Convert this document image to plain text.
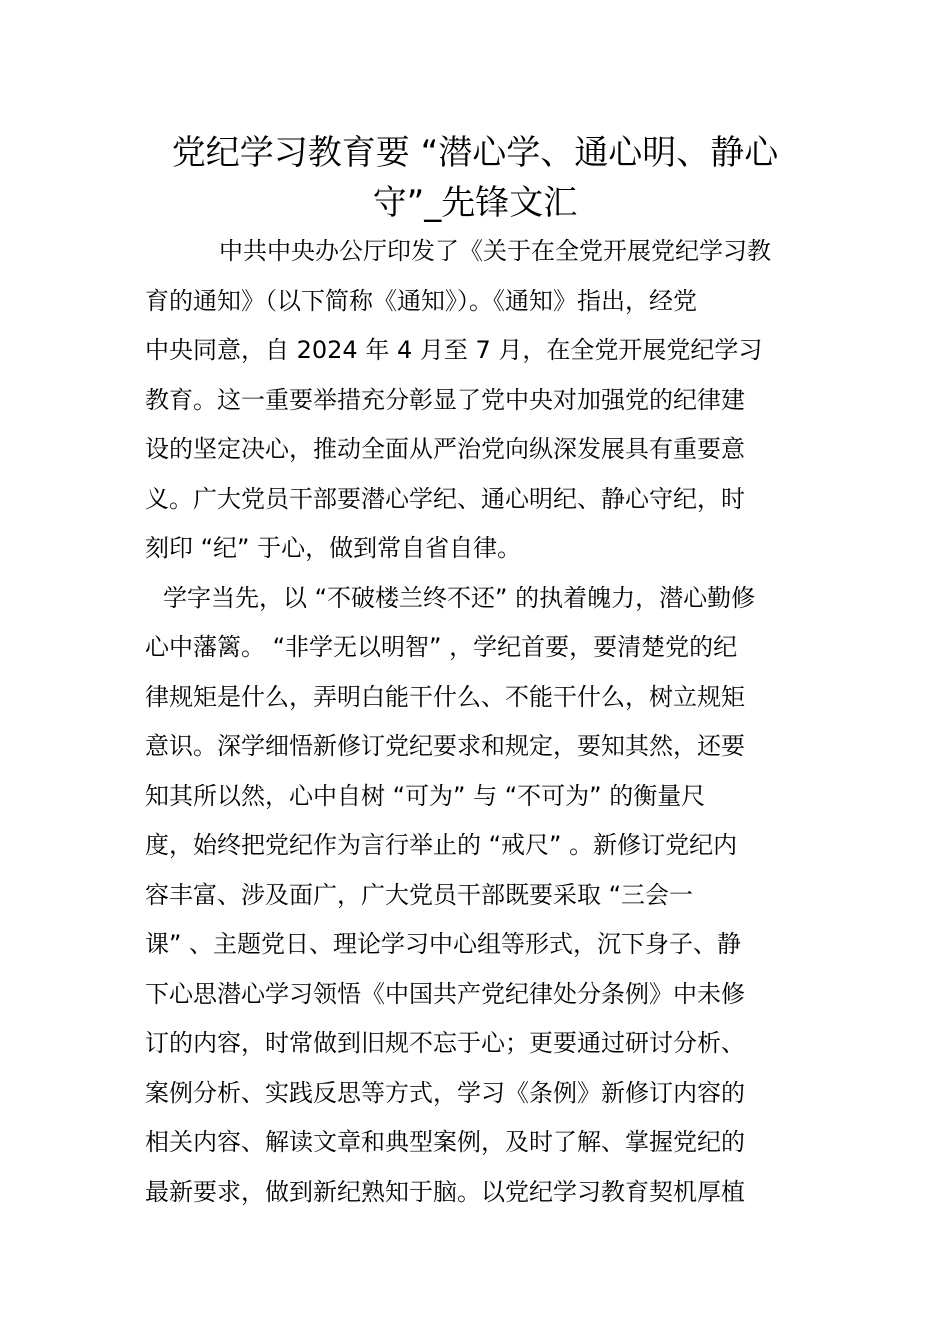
党纪学习教育要 “潜心学、通心明、静心
守”_先锋文汇
中共中央办公厅印发了《关于在全党开展党纪学习教
育的通知》（以下简称《通知》）。《通知》指出，经党
中央同意，自 2024 年 4 月至 7 月，在全党开展党纪学习
教育。这一重要举措充分彰显了党中央对加强党的纪律建
设的坚定决心，推动全面从严治党向纵深发展具有重要意
义。广大党员干部要潜心学纪、通心明纪、静心守纪，时
刻印 “纪” 于心，做到常自省自律。
学字当先，以 “不破楼兰终不还” 的执着魄力，潜心勤修
心中藩篱。 “非学无以明智” ，学纪首要，要清楚党的纪
律规矩是什么，弄明白能干什么、不能干什么，树立规矩
意识。深学细悟新修订党纪要求和规定，要知其然，还要
知其所以然，心中自树 “可为” 与 “不可为” 的衡量尺
度，始终把党纪作为言行举止的 “戒尺” 。新修订党纪内
容丰富、涉及面广，广大党员干部既要采取 “三会一
课” 、主题党日、理论学习中心组等形式，沉下身子、静
下心思潜心学习领悟《中国共产党纪律处分条例》中未修
订的内容，时常做到旧规不忘于心；更要通过研讨分析、
案例分析、实践反思等方式，学习《条例》新修订内容的
相关内容、解读文章和典型案例，及时了解、掌握党纪的
最新要求，做到新纪熟知于脑。以党纪学习教育契机厚植
